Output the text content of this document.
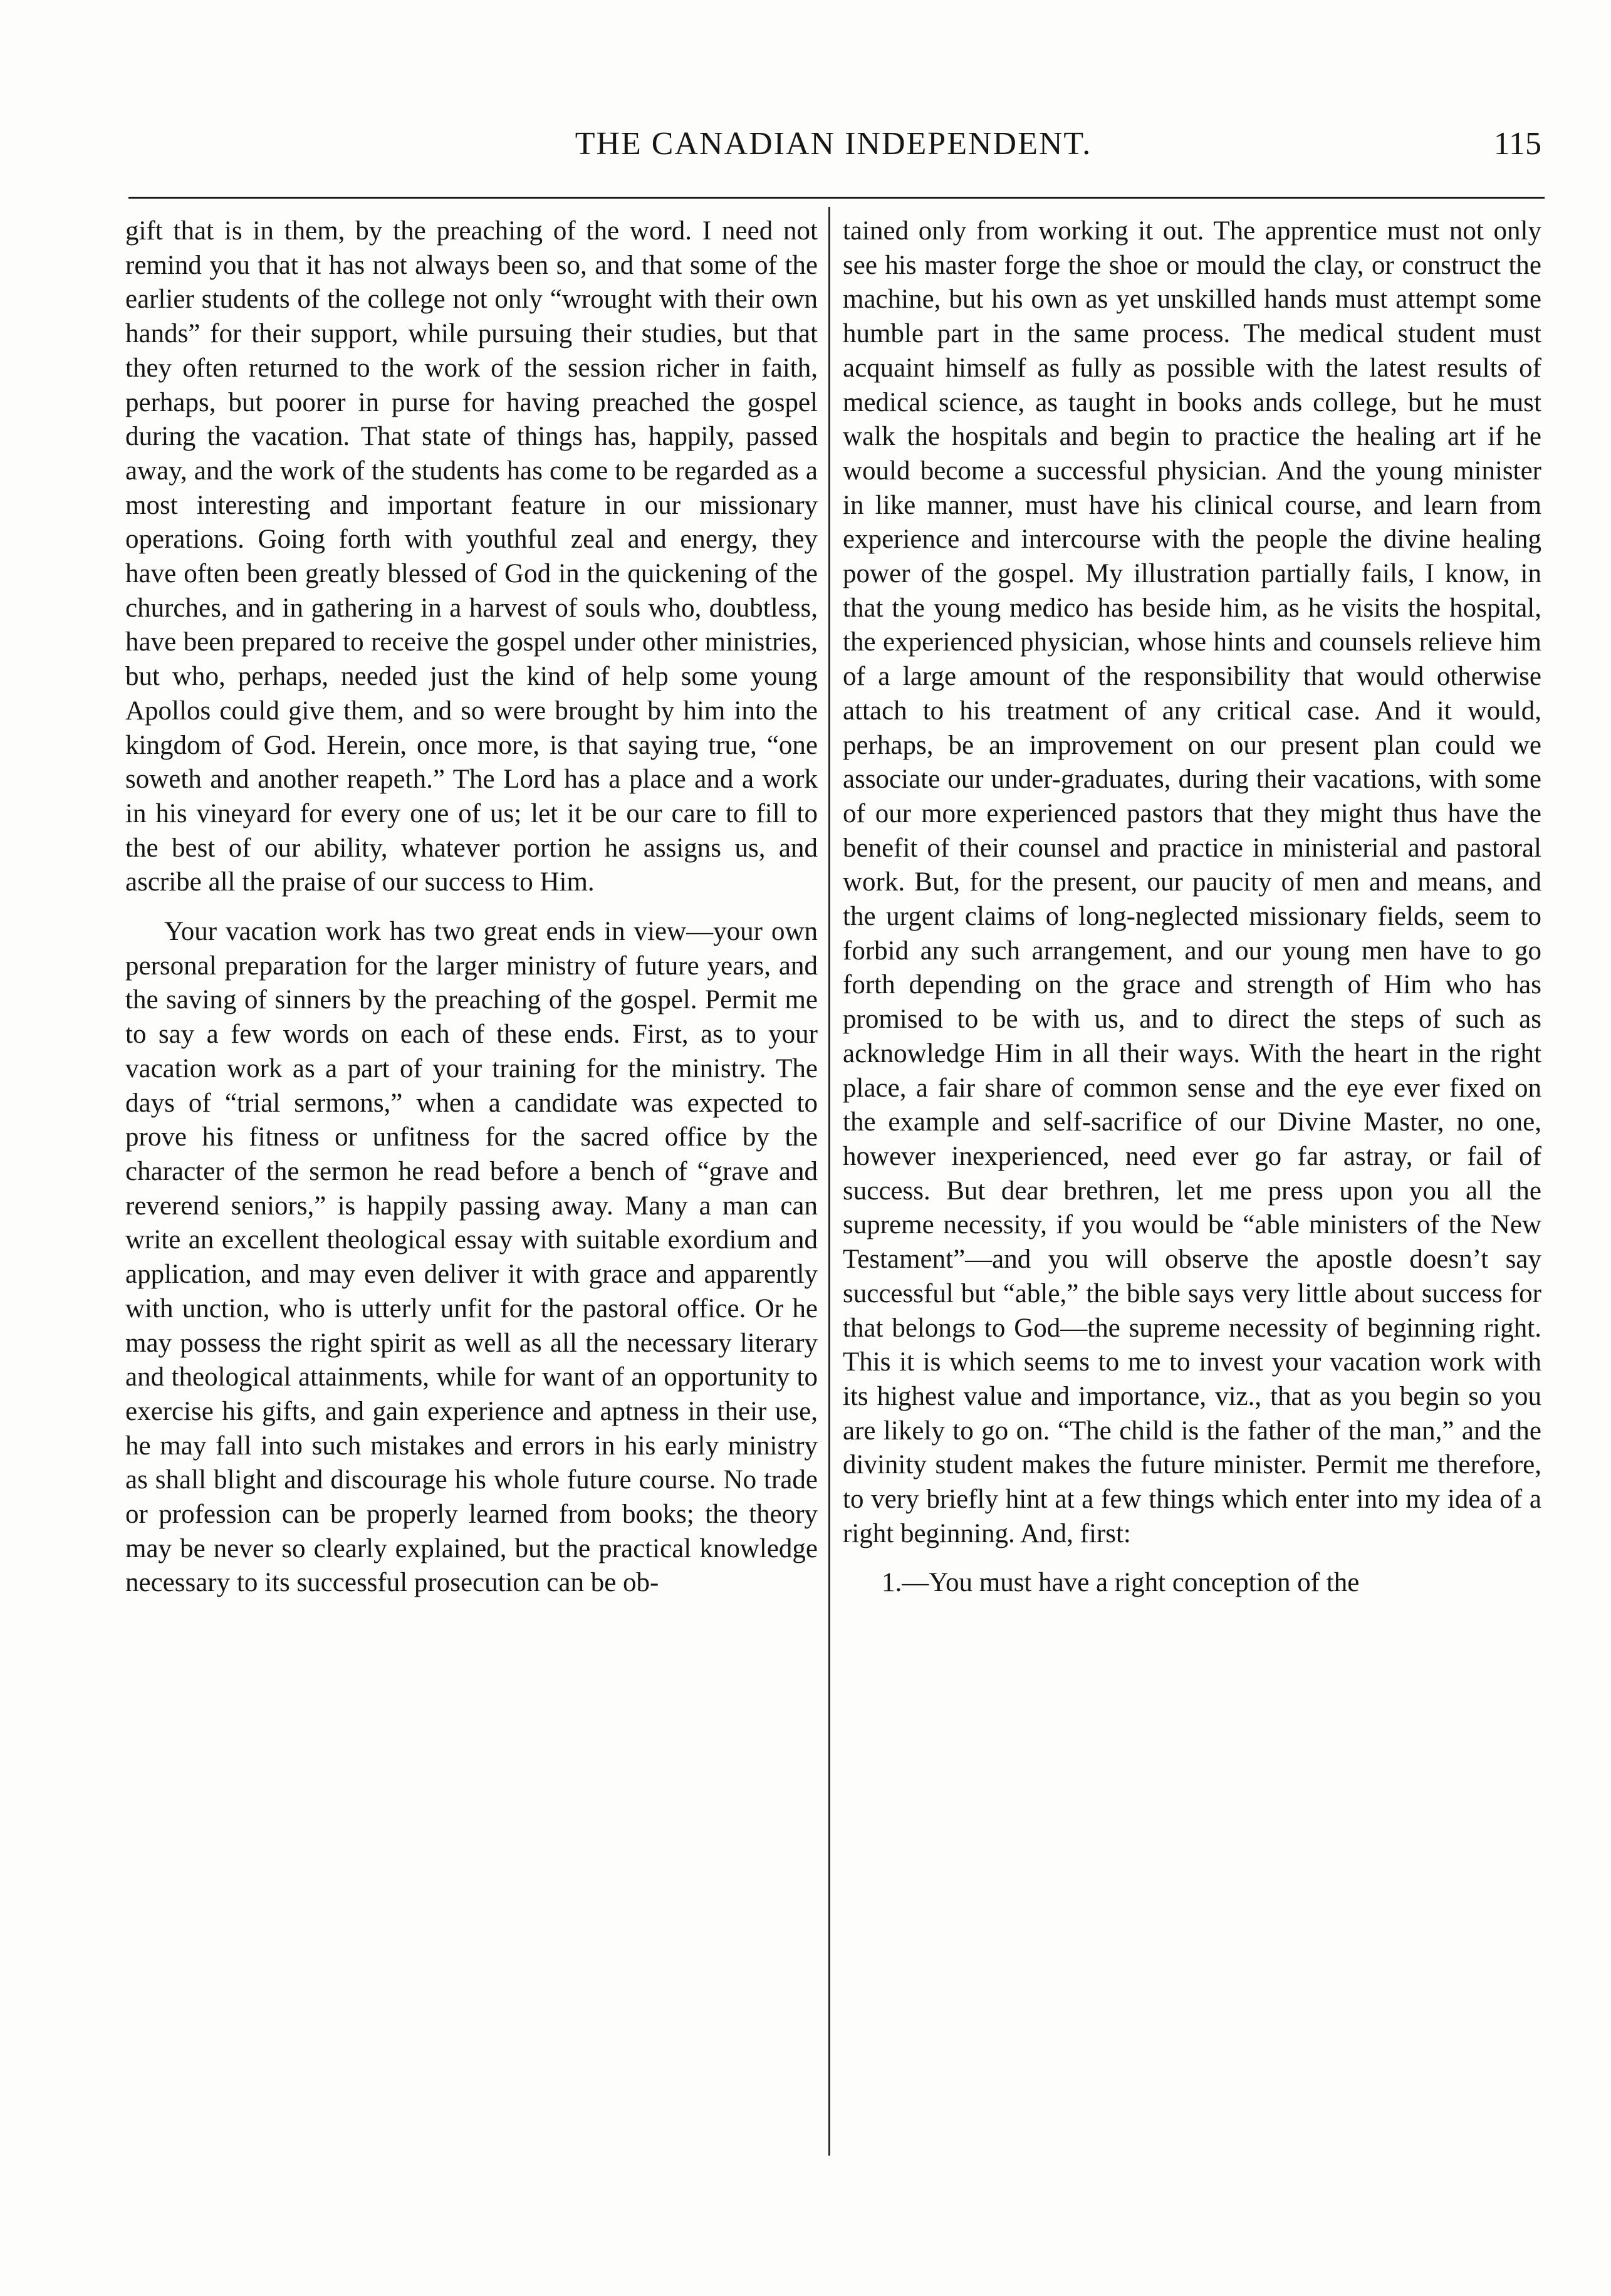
THE CANADIAN INDEPENDENT.	115

gift that is in them, by the preaching of the word. I need not remind you that it has not always been so, and that some of the earlier students of the college not only “wrought with their own hands” for their support, while pursuing their studies, but that they often returned to the work of the session richer in faith, perhaps, but poorer in purse for having preached the gospel during the vacation. That state of things has, happily, passed away, and the work of the students has come to be regarded as a most interesting and important feature in our missionary operations. Going forth with youthful zeal and energy, they have often been greatly blessed of God in the quickening of the churches, and in gathering in a harvest of souls who, doubtless, have been prepared to receive the gospel under other ministries, but who, perhaps, needed just the kind of help some young Apollos could give them, and so were brought by him into the kingdom of God. Herein, once more, is that saying true, “one soweth and another reapeth.” The Lord has a place and a work in his vineyard for every one of us; let it be our care to fill to the best of our ability, whatever portion he assigns us, and ascribe all the praise of our success to Him.

Your vacation work has two great ends in view—your own personal preparation for the larger ministry of future years, and the saving of sinners by the preaching of the gospel. Permit me to say a few words on each of these ends. First, as to your vacation work as a part of your training for the ministry. The days of “trial sermons,” when a candidate was expected to prove his fitness or unfitness for the sacred office by the character of the sermon he read before a bench of “grave and reverend seniors,” is happily passing away. Many a man can write an excellent theological essay with suitable exordium and application, and may even deliver it with grace and apparently with unction, who is utterly unfit for the pastoral office. Or he may possess the right spirit as well as all the necessary literary and theological attainments, while for want of an opportunity to exercise his gifts, and gain experience and aptness in their use, he may fall into such mistakes and errors in his early ministry as shall blight and discourage his whole future course. No trade or profession can be properly learned from books; the theory may be never so clearly explained, but the practical knowledge necessary to its successful prosecution can be ob-

tained only from working it out. The apprentice must not only see his master forge the shoe or mould the clay, or construct the machine, but his own as yet unskilled hands must attempt some humble part in the same process. The medical student must acquaint himself as fully as possible with the latest results of medical science, as taught in books ands college, but he must walk the hospitals and begin to practice the healing art if he would become a successful physician. And the young minister in like manner, must have his clinical course, and learn from experience and intercourse with the people the divine healing power of the gospel. My illustration partially fails, I know, in that the young medico has beside him, as he visits the hospital, the experienced physician, whose hints and counsels relieve him of a large amount of the responsibility that would otherwise attach to his treatment of any critical case. And it would, perhaps, be an improvement on our present plan could we associate our under-graduates, during their vacations, with some of our more experienced pastors that they might thus have the benefit of their counsel and practice in ministerial and pastoral work. But, for the present, our paucity of men and means, and the urgent claims of long-neglected missionary fields, seem to forbid any such arrangement, and our young men have to go forth depending on the grace and strength of Him who has promised to be with us, and to direct the steps of such as acknowledge Him in all their ways. With the heart in the right place, a fair share of common sense and the eye ever fixed on the example and self-sacrifice of our Divine Master, no one, however inexperienced, need ever go far astray, or fail of success. But dear brethren, let me press upon you all the supreme necessity, if you would be “able ministers of the New Testament”—and you will observe the apostle doesn’t say successful but “able,” the bible says very little about success for that belongs to God—the supreme necessity of beginning right. This it is which seems to me to invest your vacation work with its highest value and importance, viz., that as you begin so you are likely to go on. “The child is the father of the man,” and the divinity student makes the future minister. Permit me therefore, to very briefly hint at a few things which enter into my idea of a right beginning. And, first:

1.—You must have a right conception of the
